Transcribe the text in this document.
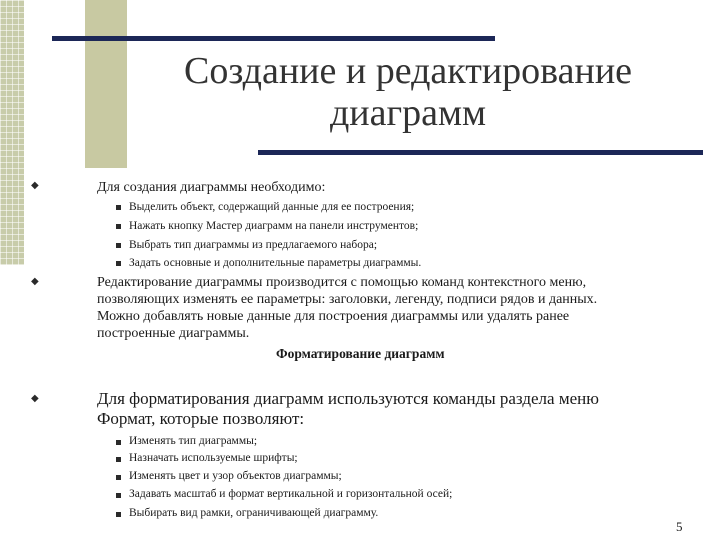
Создание и редактирование
диаграмм
◆	Для создания диаграммы необходимо:

Выделить объект, содержащий данные для ее построения;

Нажать кнопку Мастер диаграмм на панели инструментов;

Выбрать тип диаграммы из предлагаемого набора;

Задать основные и дополнительные параметры диаграммы.

◆	Редактирование диаграммы производится с помощью команд контекстного меню,

позволяющих изменять ее параметры: заголовки, легенду, подписи рядов и данных.

Можно добавлять новые данные для построения диаграммы или удалять ранее

построенные диаграммы.

Форматирование диаграмм

◆	Для форматирования диаграмм используются команды раздела меню

Формат, которые позволяют:

Изменять тип диаграммы;

Назначать используемые шрифты;

Изменять цвет и узор объектов диаграммы;

Задавать масштаб и формат вертикальной и горизонтальной осей;

Выбирать вид рамки, ограничивающей диаграмму.

5
